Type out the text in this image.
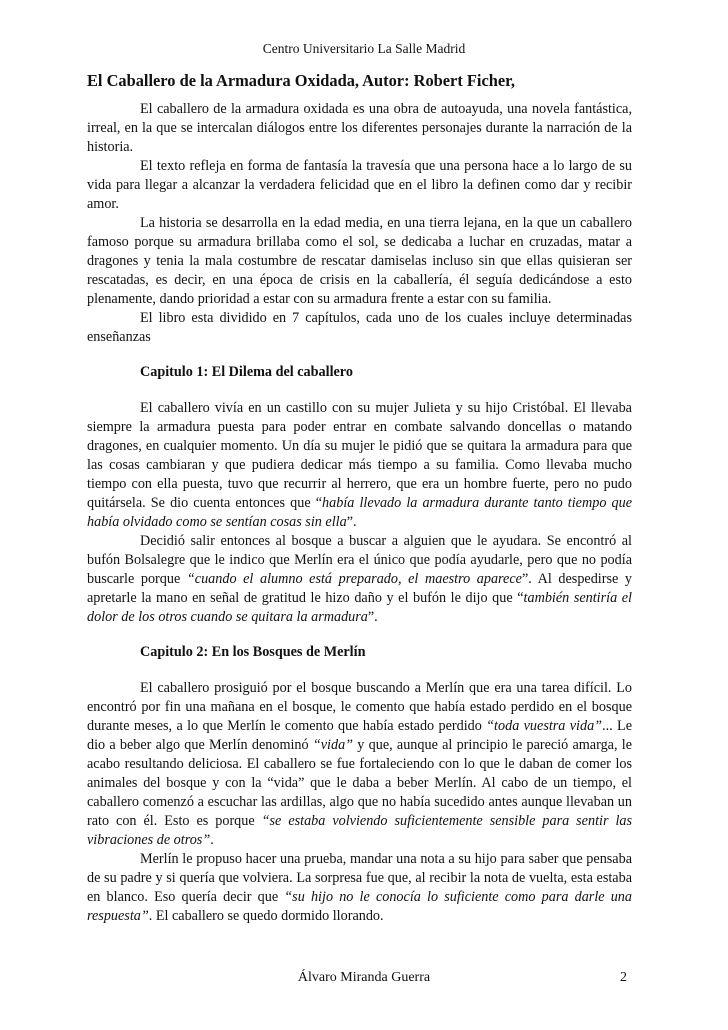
Centro Universitario La Salle Madrid
El Caballero de la Armadura Oxidada, Autor: Robert Ficher,

El caballero de la armadura oxidada es una obra de autoayuda, una novela fantástica, irreal, en la que se intercalan diálogos entre los diferentes personajes durante la narración de la historia.

El texto refleja en forma de fantasía la travesía que una persona hace a lo largo de su vida para llegar a alcanzar la verdadera felicidad que en el libro la definen como dar y recibir amor.

La historia se desarrolla en la edad media, en una tierra lejana, en la que un caballero famoso porque su armadura brillaba como el sol, se dedicaba a luchar en cruzadas, matar a dragones y tenia la mala costumbre de rescatar damiselas incluso sin que ellas quisieran ser rescatadas, es decir, en una época de crisis en la caballería, él seguía dedicándose a esto plenamente, dando prioridad a estar con su armadura frente a estar con su familia.

El libro esta dividido en 7 capítulos, cada uno de los cuales incluye determinadas enseñanzas

Capitulo 1: El Dilema del caballero

El caballero vivía en un castillo con su mujer Julieta y su hijo Cristóbal. El llevaba siempre la armadura puesta para poder entrar en combate salvando doncellas o matando dragones, en cualquier momento. Un día su mujer le pidió que se quitara la armadura para que las cosas cambiaran y que pudiera dedicar más tiempo a su familia. Como llevaba mucho tiempo con ella puesta, tuvo que recurrir al herrero, que era un hombre fuerte, pero no pudo quitársela. Se dio cuenta entonces que “había llevado la armadura durante tanto tiempo que había olvidado como se sentían cosas sin ella”.

Decidió salir entonces al bosque a buscar a alguien que le ayudara. Se encontró al bufón Bolsalegre que le indico que Merlín era el único que podía ayudarle, pero que no podía buscarle porque “cuando el alumno está preparado, el maestro aparece”. Al despedirse y apretarle la mano en señal de gratitud le hizo daño y el bufón le dijo que “también sentiría el dolor de los otros cuando se quitara la armadura”.

Capitulo 2: En los Bosques de Merlín

El caballero prosiguió por el bosque buscando a Merlín que era una tarea difícil. Lo encontró por fin una mañana en el bosque, le comento que había estado perdido en el bosque durante meses, a lo que Merlín le comento que había estado perdido “toda vuestra vida”... Le dio a beber algo que Merlín denominó “vida” y que, aunque al principio le pareció amarga, le acabo resultando deliciosa. El caballero se fue fortaleciendo con lo que le daban de comer los animales del bosque y con la “vida” que le daba a beber Merlín. Al cabo de un tiempo, el caballero comenzó a escuchar las ardillas, algo que no había sucedido antes aunque llevaban un rato con él. Esto es porque “se estaba volviendo suficientemente sensible para sentir las vibraciones de otros”.

Merlín le propuso hacer una prueba, mandar una nota a su hijo para saber que pensaba de su padre y si quería que volviera. La sorpresa fue que, al recibir la nota de vuelta, esta estaba en blanco. Eso quería decir que “su hijo no le conocía lo suficiente como para darle una respuesta”. El caballero se quedo dormido llorando.

Álvaro Miranda Guerra	2
